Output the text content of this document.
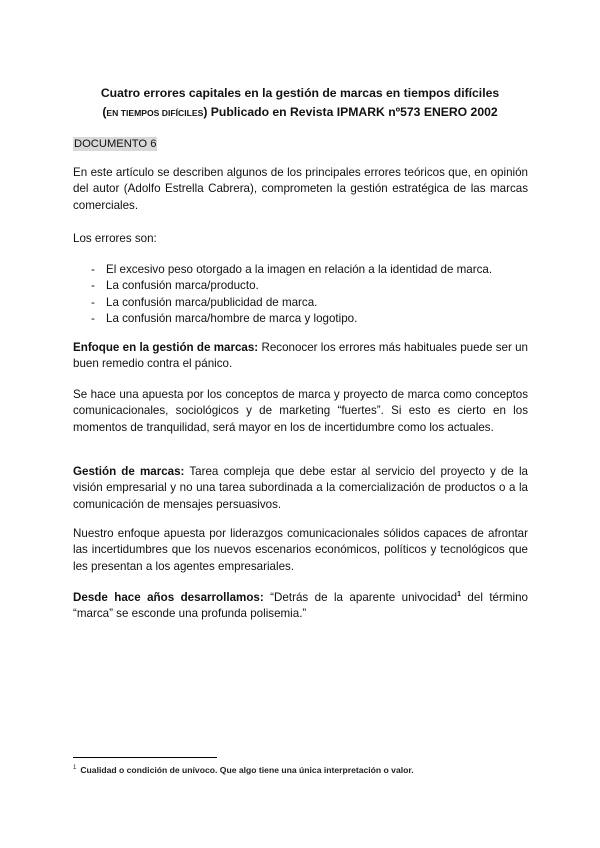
Cuatro errores capitales en la gestión de marcas en tiempos difíciles
(EN TIEMPOS DIFÍCILES) Publicado en Revista IPMARK nº573 ENERO 2002
DOCUMENTO 6

En este artículo se describen algunos de los principales errores teóricos que, en opinión del autor (Adolfo Estrella Cabrera), comprometen la gestión estratégica de las marcas comerciales.

Los errores son:

- El excesivo peso otorgado a la imagen en relación a la identidad de marca.
- La confusión marca/producto.
- La confusión marca/publicidad de marca.
- La confusión marca/hombre de marca y logotipo.

Enfoque en la gestión de marcas: Reconocer los errores más habituales puede ser un buen remedio contra el pánico.

Se hace una apuesta por los conceptos de marca y proyecto de marca como conceptos comunicacionales, sociológicos y de marketing “fuertes”. Si esto es cierto en los momentos de tranquilidad, será mayor en los de incertidumbre como los actuales.

Gestión de marcas: Tarea compleja que debe estar al servicio del proyecto y de la visión empresarial y no una tarea subordinada a la comercialización de productos o a la comunicación de mensajes persuasivos.

Nuestro enfoque apuesta por liderazgos comunicacionales sólidos capaces de afrontar las incertidumbres que los nuevos escenarios económicos, políticos y tecnológicos que les presentan a los agentes empresariales.

Desde hace años desarrollamos: “Detrás de la aparente univocidad$^1$ del término “marca” se esconde una profunda polisemia.”

$^1$ Cualidad o condición de unívoco. Que algo tiene una única interpretación o valor.
